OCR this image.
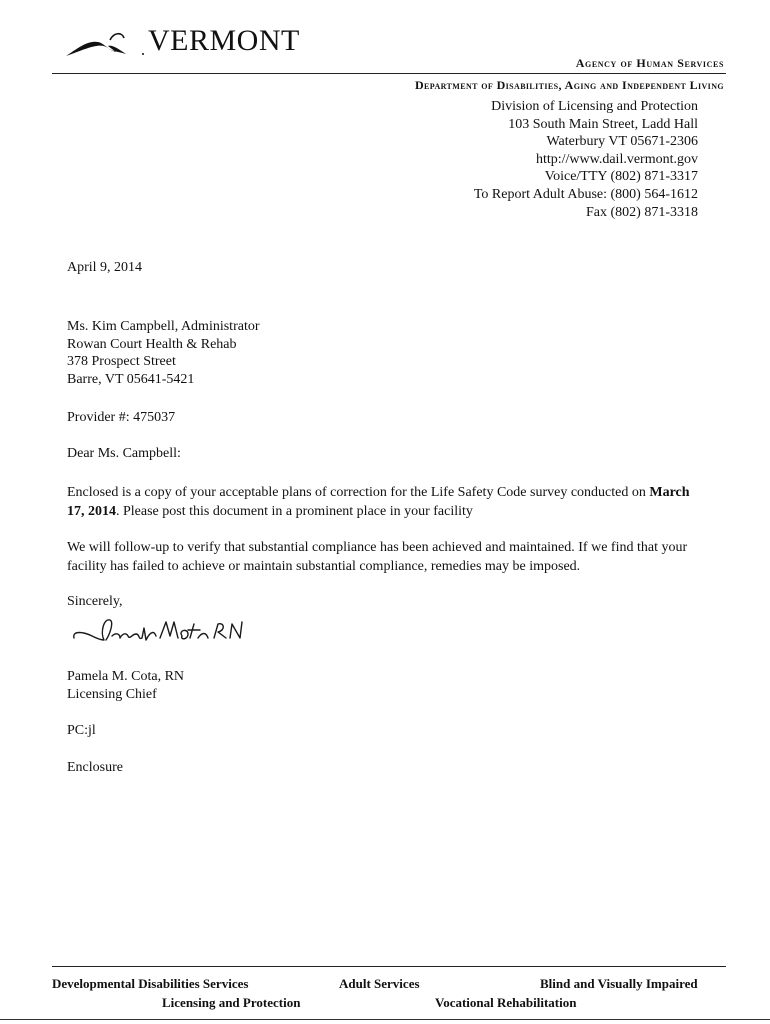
VERMONT
Agency of Human Services
Department of Disabilities, Aging and Independent Living
Division of Licensing and Protection
103 South Main Street, Ladd Hall
Waterbury VT 05671-2306
http://www.dail.vermont.gov
Voice/TTY (802) 871-3317
To Report Adult Abuse: (800) 564-1612
Fax (802) 871-3318
April 9, 2014
Ms. Kim Campbell, Administrator
Rowan Court Health & Rehab
378 Prospect Street
Barre, VT 05641-5421
Provider #: 475037
Dear Ms. Campbell:
Enclosed is a copy of your acceptable plans of correction for the Life Safety Code survey conducted on March 17, 2014. Please post this document in a prominent place in your facility
We will follow-up to verify that substantial compliance has been achieved and maintained. If we find that your facility has failed to achieve or maintain substantial compliance, remedies may be imposed.
Sincerely,
Pamela M. Cota, RN
Licensing Chief
PC:jl
Enclosure
Developmental Disabilities Services	Adult Services	Blind and Visually Impaired
Licensing and Protection	Vocational Rehabilitation
